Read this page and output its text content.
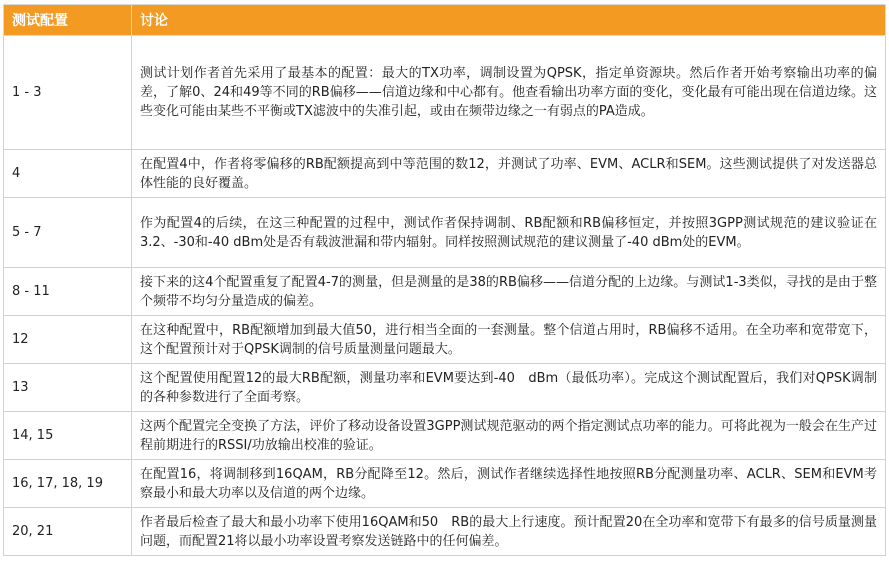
测试配置	讨论
1 - 3	测试计划作者首先采用了最基本的配置：最大的TX功率，调制设置为QPSK，指定单资源块。然后作者开始考察输出功率的偏差，了解0、24和49等不同的RB偏移——信道边缘和中心都有。他查看输出功率方面的变化，变化最有可能出现在信道边缘。这些变化可能由某些不平衡或TX滤波中的失准引起，或由在频带边缘之一有弱点的PA造成。
4	在配置4中，作者将零偏移的RB配额提高到中等范围的数12，并测试了功率、EVM、ACLR和SEM。这些测试提供了对发送器总体性能的良好覆盖。
5 - 7	作为配置4的后续，在这三种配置的过程中，测试作者保持调制、RB配额和RB偏移恒定，并按照3GPP测试规范的建议验证在3.2、-30和-40 dBm处是否有载波泄漏和带内辐射。同样按照测试规范的建议测量了-40 dBm处的EVM。
8 - 11	接下来的这4个配置重复了配置4-7的测量，但是测量的是38的RB偏移——信道分配的上边缘。与测试1-3类似，寻找的是由于整个频带不均匀分量造成的偏差。
12	在这种配置中，RB配额增加到最大值50，进行相当全面的一套测量。整个信道占用时，RB偏移不适用。在全功率和宽带宽下，这个配置预计对于QPSK调制的信号质量测量问题最大。
13	这个配置使用配置12的最大RB配额，测量功率和EVM要达到-40　dBm（最低功率）。完成这个测试配置后，我们对QPSK调制的各种参数进行了全面考察。
14, 15	这两个配置完全变换了方法，评价了移动设备设置3GPP测试规范驱动的两个指定测试点功率的能力。可将此视为一般会在生产过程前期进行的RSSI/功放输出校准的验证。
16, 17, 18, 19	在配置16，将调制移到16QAM，RB分配降至12。然后，测试作者继续选择性地按照RB分配测量功率、ACLR、SEM和EVM考察最小和最大功率以及信道的两个边缘。
20, 21	作者最后检查了最大和最小功率下使用16QAM和50　RB的最大上行速度。预计配置20在全功率和宽带下有最多的信号质量测量问题，而配置21将以最小功率设置考察发送链路中的任何偏差。
